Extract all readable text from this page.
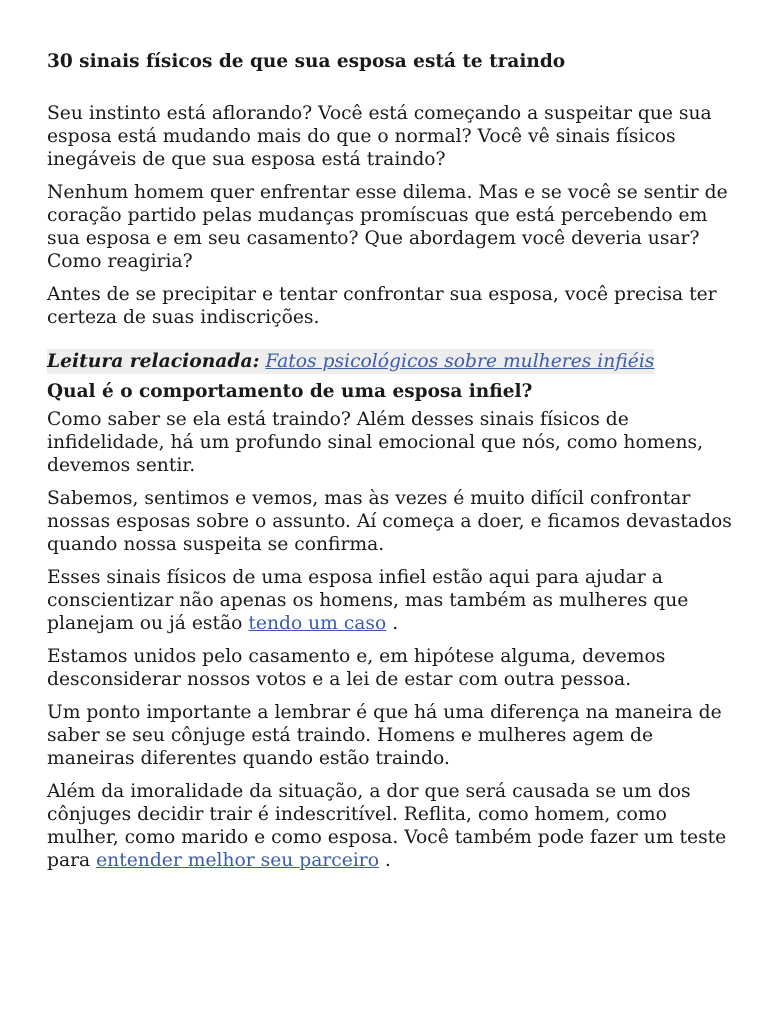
30 sinais físicos de que sua esposa está te traindo

Seu instinto está aflorando? Você está começando a suspeitar que sua esposa está mudando mais do que o normal? Você vê sinais físicos inegáveis de que sua esposa está traindo?

Nenhum homem quer enfrentar esse dilema. Mas e se você se sentir de coração partido pelas mudanças promíscuas que está percebendo em sua esposa e em seu casamento? Que abordagem você deveria usar? Como reagiria?

Antes de se precipitar e tentar confrontar sua esposa, você precisa ter certeza de suas indiscrições.

Leitura relacionada: Fatos psicológicos sobre mulheres infiéis
Qual é o comportamento de uma esposa infiel?

Como saber se ela está traindo? Além desses sinais físicos de infidelidade, há um profundo sinal emocional que nós, como homens, devemos sentir.

Sabemos, sentimos e vemos, mas às vezes é muito difícil confrontar nossas esposas sobre o assunto. Aí começa a doer, e ficamos devastados quando nossa suspeita se confirma.

Esses sinais físicos de uma esposa infiel estão aqui para ajudar a conscientizar não apenas os homens, mas também as mulheres que planejam ou já estão tendo um caso .

Estamos unidos pelo casamento e, em hipótese alguma, devemos desconsiderar nossos votos e a lei de estar com outra pessoa.

Um ponto importante a lembrar é que há uma diferença na maneira de saber se seu cônjuge está traindo. Homens e mulheres agem de maneiras diferentes quando estão traindo.

Além da imoralidade da situação, a dor que será causada se um dos cônjuges decidir trair é indescritível. Reflita, como homem, como mulher, como marido e como esposa. Você também pode fazer um teste para entender melhor seu parceiro .
